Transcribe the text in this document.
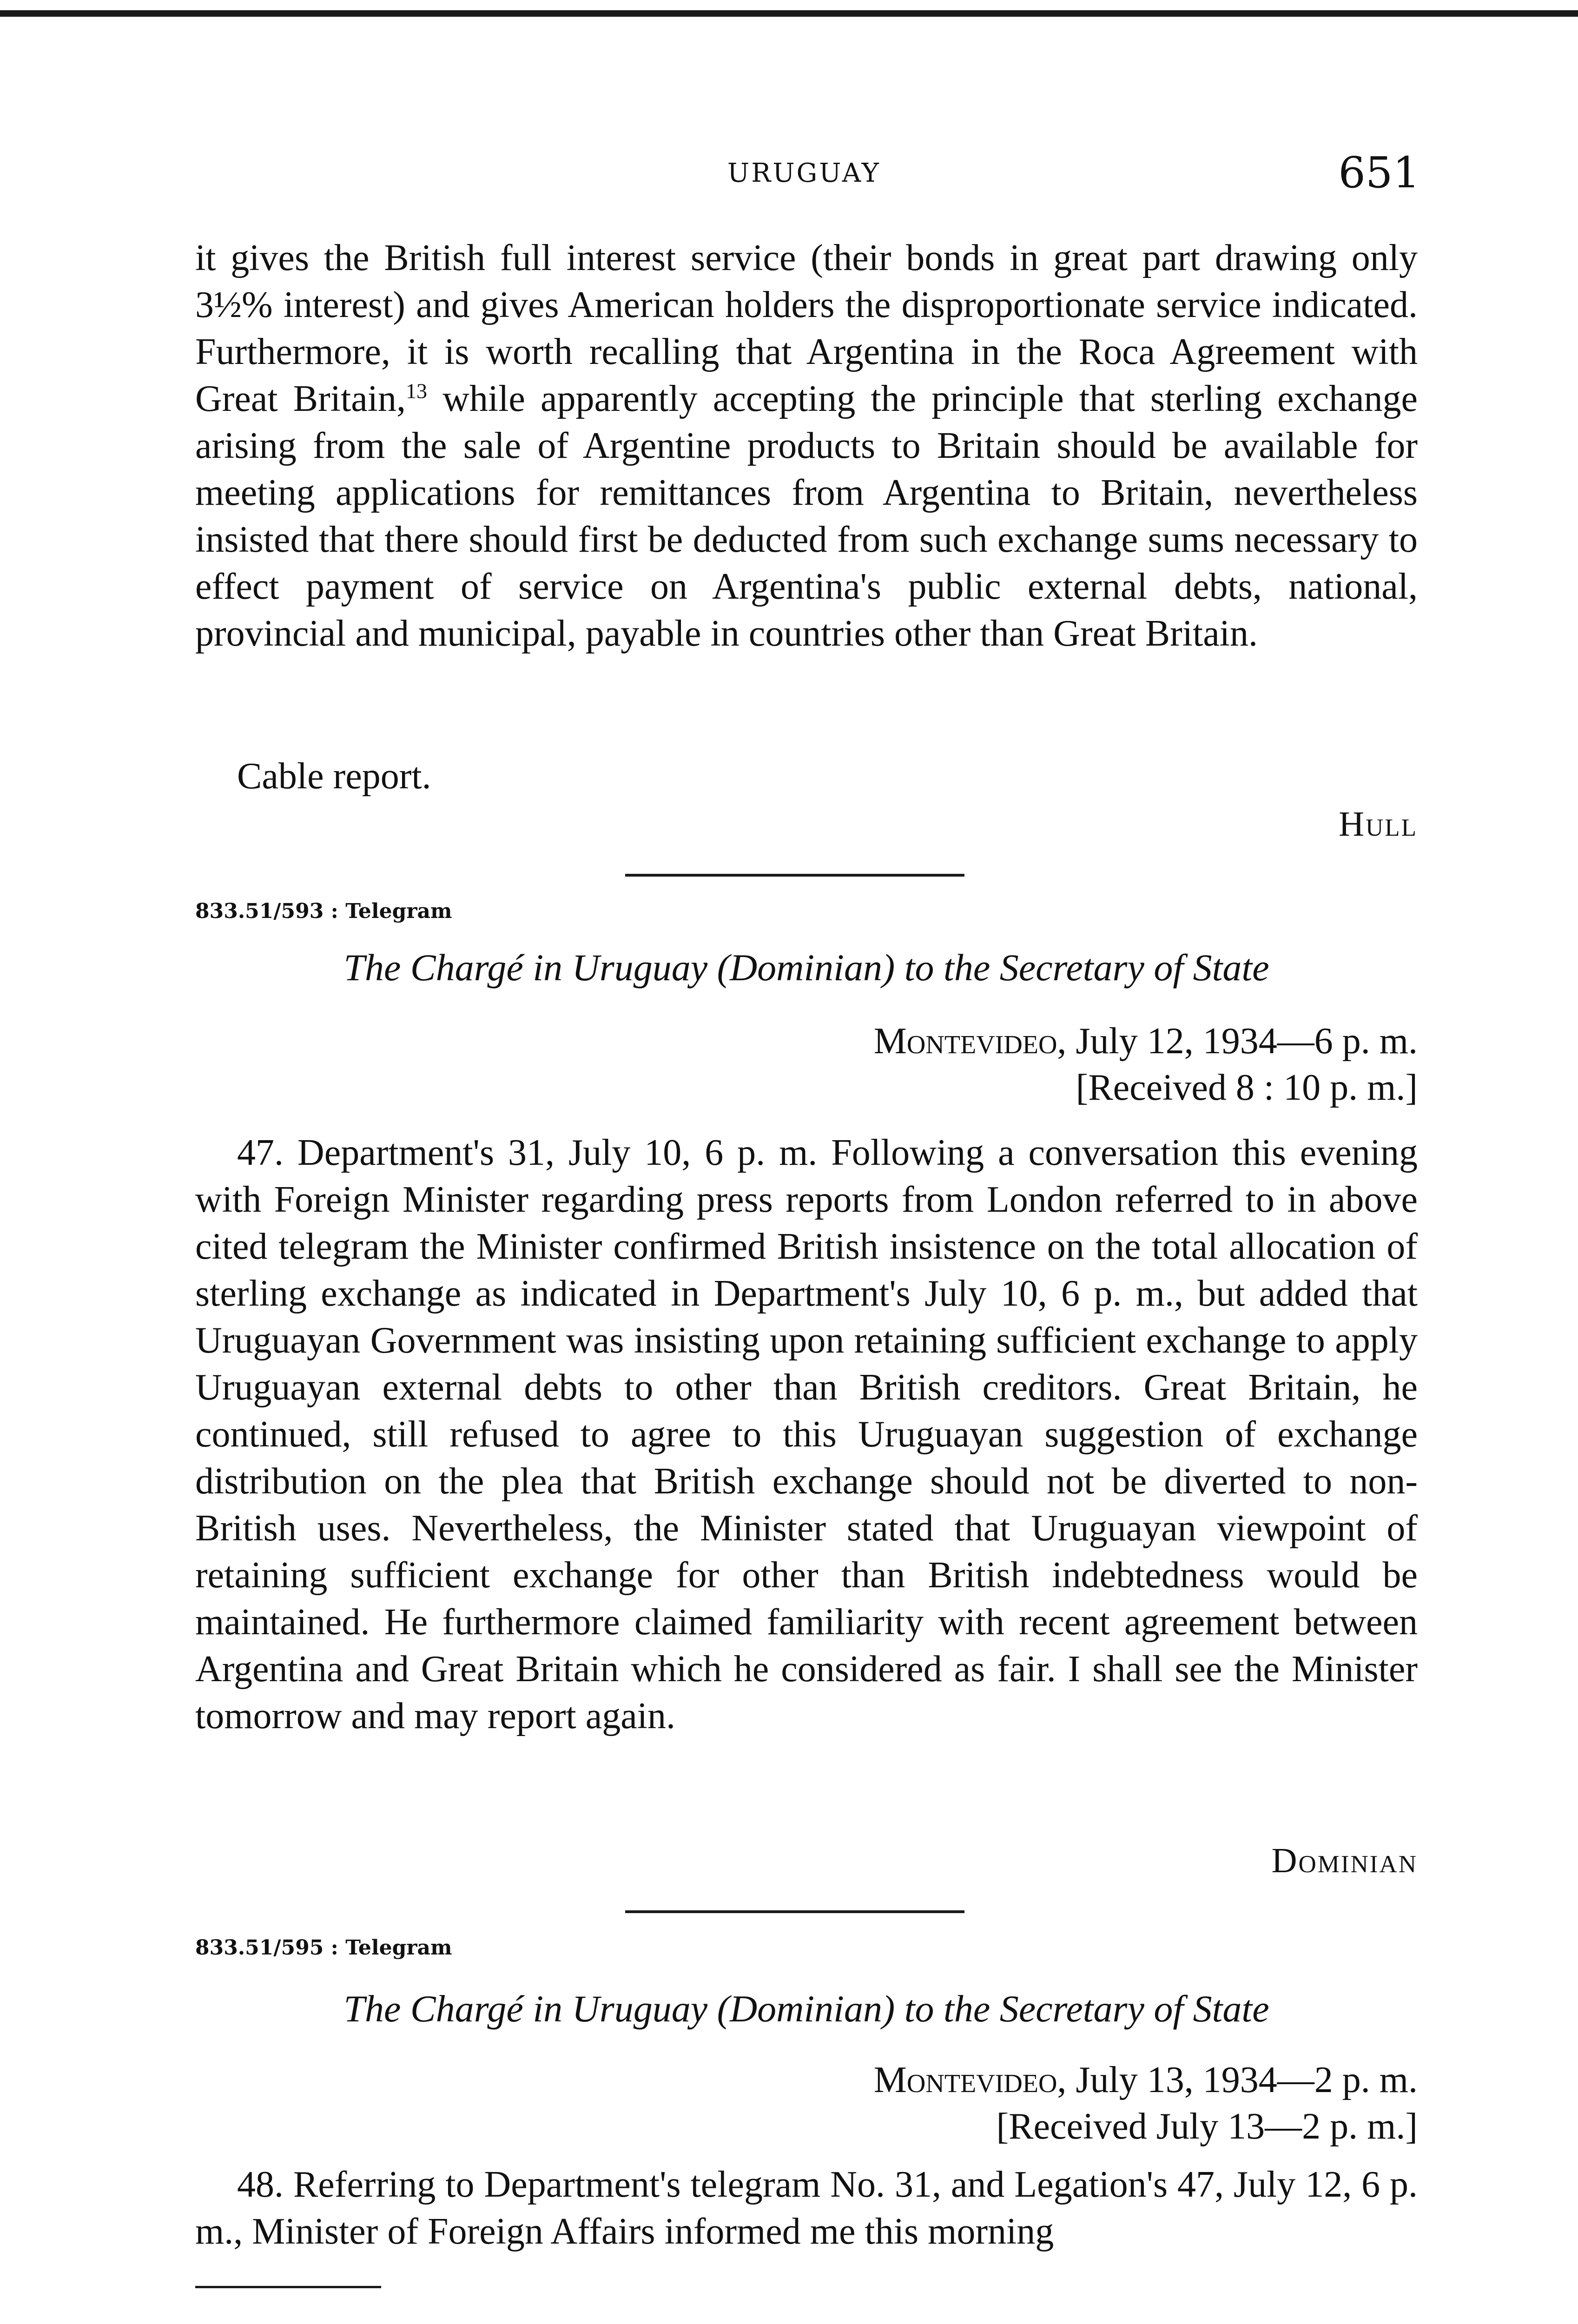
URUGUAY	651

it gives the British full interest service (their bonds in great part drawing only 3½% interest) and gives American holders the disproportionate service indicated. Furthermore, it is worth recalling that Argentina in the Roca Agreement with Great Britain,$^{13}$ while apparently accepting the principle that sterling exchange arising from the sale of Argentine products to Britain should be available for meeting applications for remittances from Argentina to Britain, nevertheless insisted that there should first be deducted from such exchange sums necessary to effect payment of service on Argentina's public external debts, national, provincial and municipal, payable in countries other than Great Britain.

Cable report.

Hull
833.51/593 : Telegram
The Chargé in Uruguay (Dominian) to the Secretary of State
Montevideo, July 12, 1934—6 p. m.
[Received 8 : 10 p. m.]

47. Department's 31, July 10, 6 p. m. Following a conversation this evening with Foreign Minister regarding press reports from London referred to in above cited telegram the Minister confirmed British insistence on the total allocation of sterling exchange as indicated in Department's July 10, 6 p. m., but added that Uruguayan Government was insisting upon retaining sufficient exchange to apply Uruguayan external debts to other than British creditors. Great Britain, he continued, still refused to agree to this Uruguayan suggestion of exchange distribution on the plea that British exchange should not be diverted to non-British uses. Nevertheless, the Minister stated that Uruguayan viewpoint of retaining sufficient exchange for other than British indebtedness would be maintained. He furthermore claimed familiarity with recent agreement between Argentina and Great Britain which he considered as fair. I shall see the Minister tomorrow and may report again.

Dominian
833.51/595 : Telegram
The Chargé in Uruguay (Dominian) to the Secretary of State
Montevideo, July 13, 1934—2 p. m.
[Received July 13—2 p. m.]

48. Referring to Department's telegram No. 31, and Legation's 47, July 12, 6 p. m., Minister of Foreign Affairs informed me this morning
